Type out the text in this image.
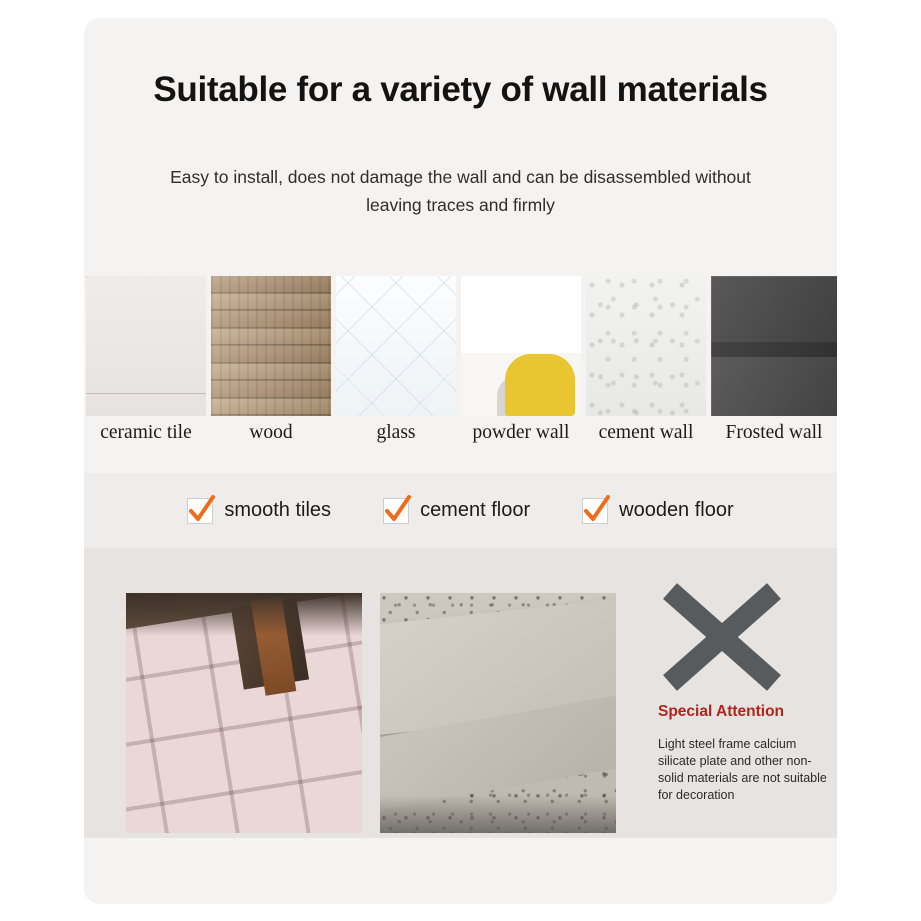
Suitable for a variety of wall materials
Easy to install, does not damage the wall and can be disassembled without leaving traces and firmly
ceramic tile	wood	glass	powder wall	cement wall	Frosted wall
smooth tiles	cement floor	wooden floor
Special Attention
Light steel frame calcium silicate plate and other non-solid materials are not suitable for decoration
